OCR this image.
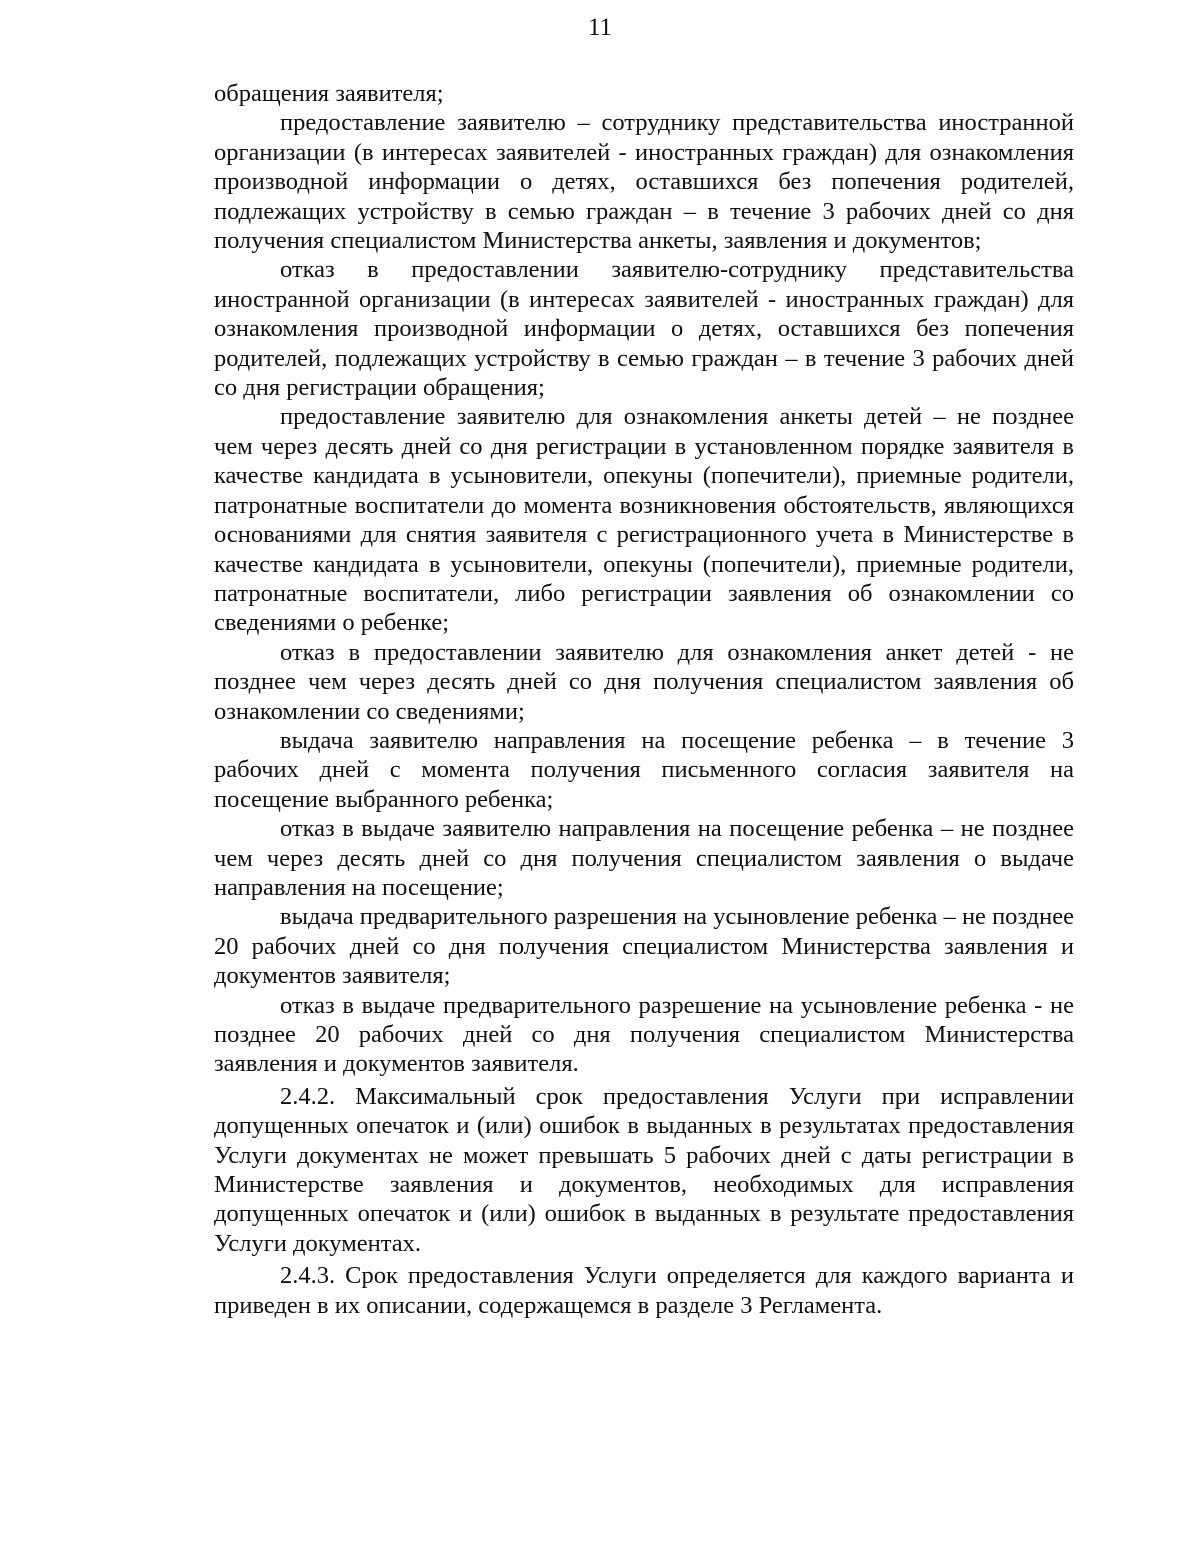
11

обращения заявителя;

предоставление заявителю – сотруднику представительства иностранной организации (в интересах заявителей - иностранных граждан) для ознакомления производной информации о детях, оставшихся без попечения родителей, подлежащих устройству в семью граждан – в течение 3 рабочих дней со дня получения специалистом Министерства анкеты, заявления и документов;

отказ в предоставлении заявителю-сотруднику представительства иностранной организации (в интересах заявителей - иностранных граждан) для ознакомления производной информации о детях, оставшихся без попечения родителей, подлежащих устройству в семью граждан – в течение 3 рабочих дней со дня регистрации обращения;

предоставление заявителю для ознакомления анкеты детей – не позднее чем через десять дней со дня регистрации в установленном порядке заявителя в качестве кандидата в усыновители, опекуны (попечители), приемные родители, патронатные воспитатели до момента возникновения обстоятельств, являющихся основаниями для снятия заявителя с регистрационного учета в Министерстве в качестве кандидата в усыновители, опекуны (попечители), приемные родители, патронатные воспитатели, либо регистрации заявления об ознакомлении со сведениями о ребенке;

отказ в предоставлении заявителю для ознакомления анкет детей - не позднее чем через десять дней со дня получения специалистом заявления об ознакомлении со сведениями;

выдача заявителю направления на посещение ребенка – в течение 3 рабочих дней с момента получения письменного согласия заявителя на посещение выбранного ребенка;

отказ в выдаче заявителю направления на посещение ребенка – не позднее чем через десять дней со дня получения специалистом заявления о выдаче направления на посещение;

выдача предварительного разрешения на усыновление ребенка – не позднее 20 рабочих дней со дня получения специалистом Министерства заявления и документов заявителя;

отказ в выдаче предварительного разрешение на усыновление ребенка - не позднее 20 рабочих дней со дня получения специалистом Министерства заявления и документов заявителя.

2.4.2. Максимальный срок предоставления Услуги при исправлении допущенных опечаток и (или) ошибок в выданных в результатах предоставления Услуги документах не может превышать 5 рабочих дней с даты регистрации в Министерстве заявления и документов, необходимых для исправления допущенных опечаток и (или) ошибок в выданных в результате предоставления Услуги документах.

2.4.3. Срок предоставления Услуги определяется для каждого варианта и приведен в их описании, содержащемся в разделе 3 Регламента.
